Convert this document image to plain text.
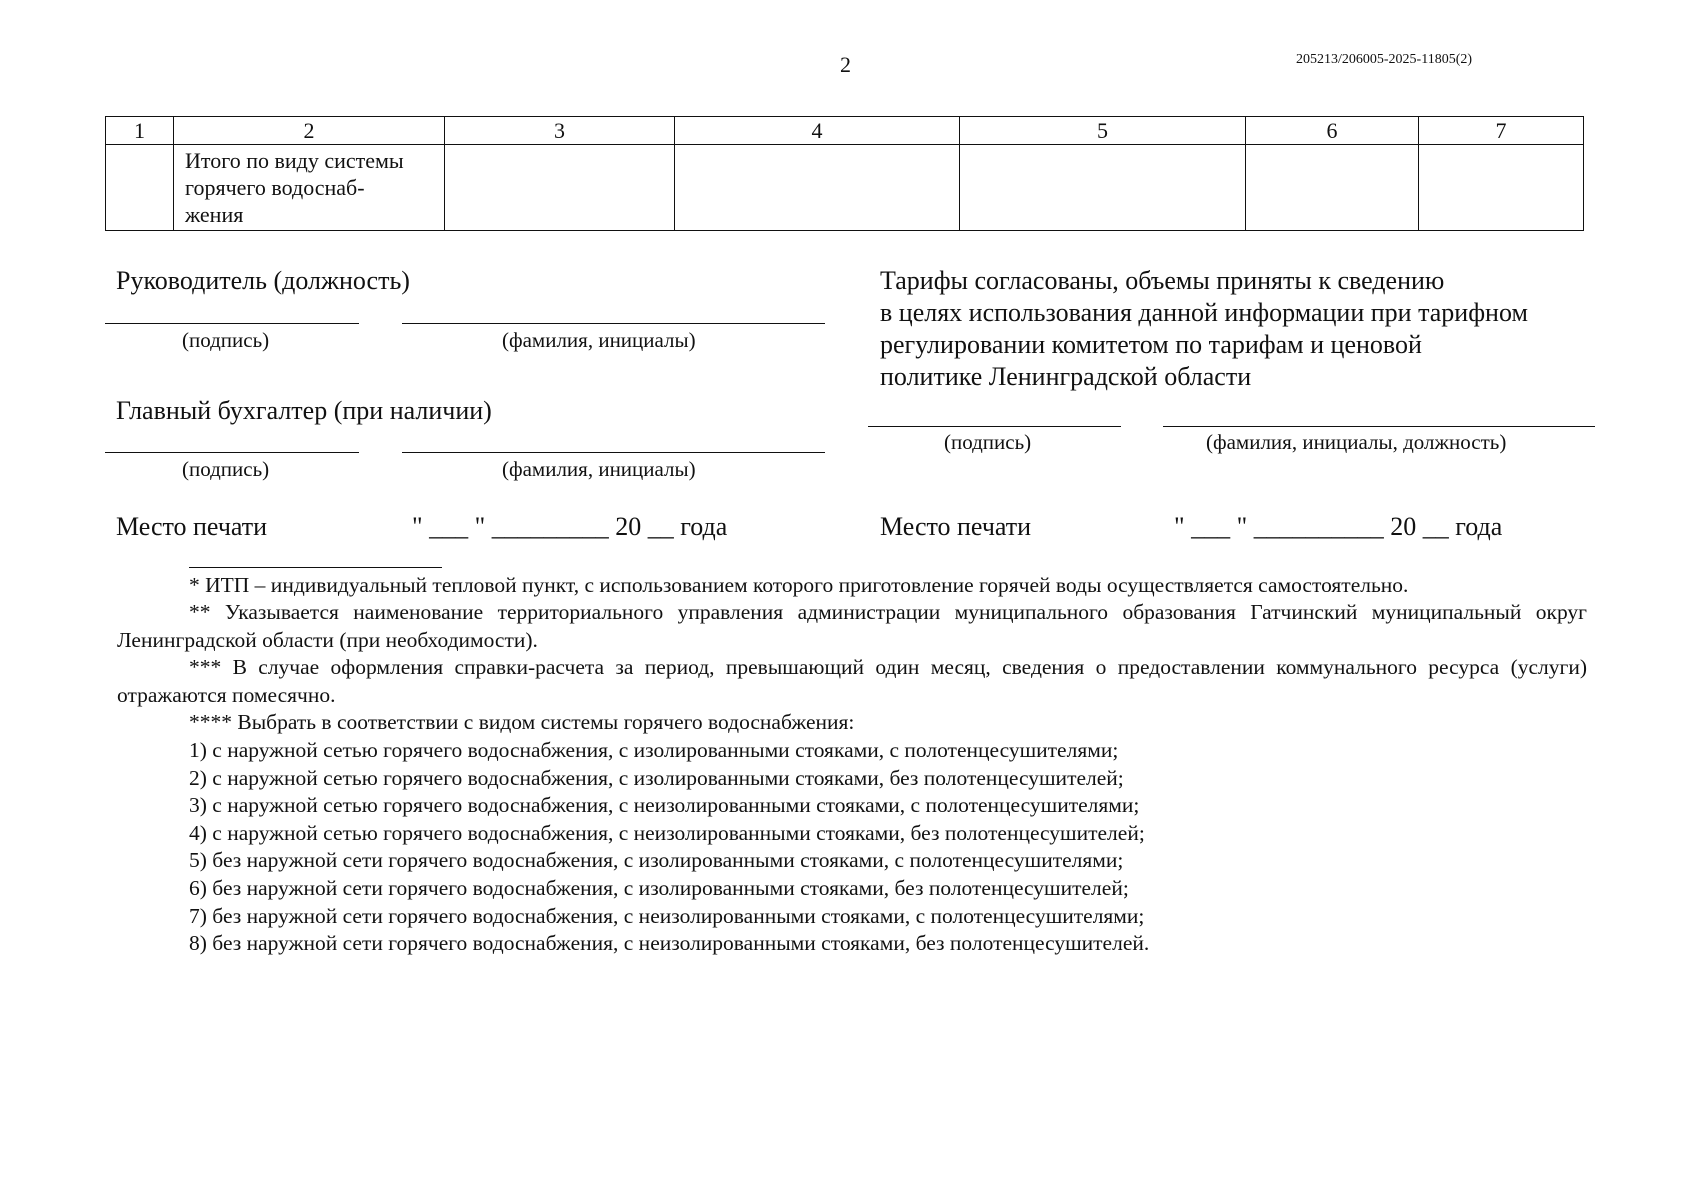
2	205213/206005-2025-11805(2)
1	2	3	4	5	6	7

	Итого по виду системы
горячего водоснаб-
жения					

Руководитель (должность)
(подпись)	(фамилия, инициалы)
Главный бухгалтер (при наличии)
(подпись)	(фамилия, инициалы)
Место печати	" ___ " _________ 20 __ года
Тарифы согласованы, объемы приняты к сведению
в целях использования данной информации при тарифном
регулировании комитетом по тарифам и ценовой
политике Ленинградской области
(подпись)	(фамилия, инициалы, должность)
Место печати	" ___ " __________ 20 __ года
* ИТП – индивидуальный тепловой пункт, с использованием которого приготовление горячей воды осуществляется самостоятельно.
** Указывается наименование территориального управления администрации муниципального образования Гатчинский муниципальный округ Ленинградской области (при необходимости).
*** В случае оформления справки-расчета за период, превышающий один месяц, сведения о предоставлении коммунального ресурса (услуги) отражаются помесячно.
**** Выбрать в соответствии с видом системы горячего водоснабжения:
1) с наружной сетью горячего водоснабжения, с изолированными стояками, с полотенцесушителями;
2) с наружной сетью горячего водоснабжения, с изолированными стояками, без полотенцесушителей;
3) с наружной сетью горячего водоснабжения, с неизолированными стояками, с полотенцесушителями;
4) с наружной сетью горячего водоснабжения, с неизолированными стояками, без полотенцесушителей;
5) без наружной сети горячего водоснабжения, с изолированными стояками, с полотенцесушителями;
6) без наружной сети горячего водоснабжения, с изолированными стояками, без полотенцесушителей;
7) без наружной сети горячего водоснабжения, с неизолированными стояками, с полотенцесушителями;
8) без наружной сети горячего водоснабжения, с неизолированными стояками, без полотенцесушителей.
